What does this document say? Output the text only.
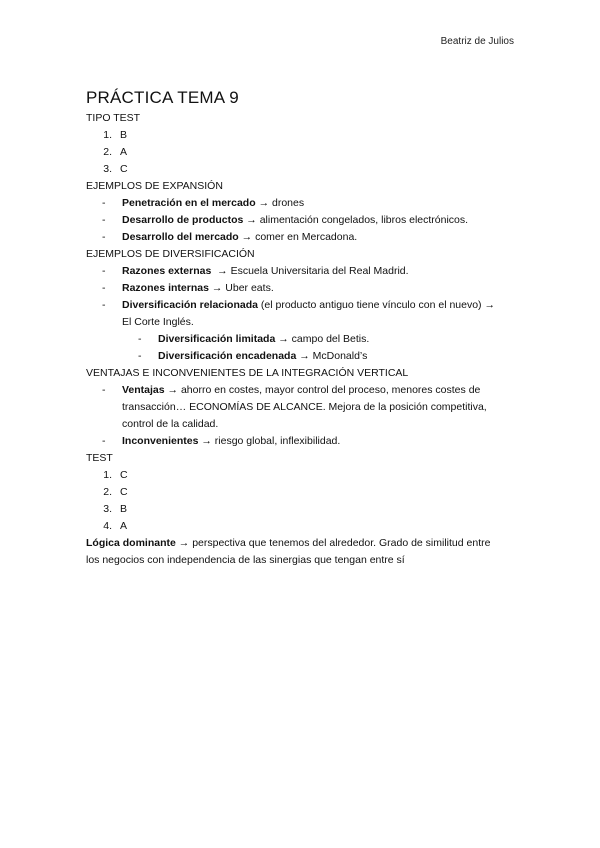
Beatriz de Julios
PRÁCTICA TEMA 9
TIPO TEST
1. B
2. A
3. C
EJEMPLOS DE EXPANSIÓN
- Penetración en el mercado → drones
- Desarrollo de productos → alimentación congelados, libros electrónicos.
- Desarrollo del mercado → comer en Mercadona.
EJEMPLOS DE DIVERSIFICACIÓN
- Razones externas → Escuela Universitaria del Real Madrid.
- Razones internas → Uber eats.
- Diversificación relacionada (el producto antiguo tiene vínculo con el nuevo) →
El Corte Inglés.
- Diversificación limitada → campo del Betis.
- Diversificación encadenada → McDonald’s
VENTAJAS E INCONVENIENTES DE LA INTEGRACIÓN VERTICAL
- Ventajas → ahorro en costes, mayor control del proceso, menores costes de
transacción… ECONOMÍAS DE ALCANCE. Mejora de la posición competitiva,
control de la calidad.
- Inconvenientes → riesgo global, inflexibilidad.
TEST
1. C
2. C
3. B
4. A
Lógica dominante → perspectiva que tenemos del alrededor. Grado de similitud entre
los negocios con independencia de las sinergias que tengan entre sí
